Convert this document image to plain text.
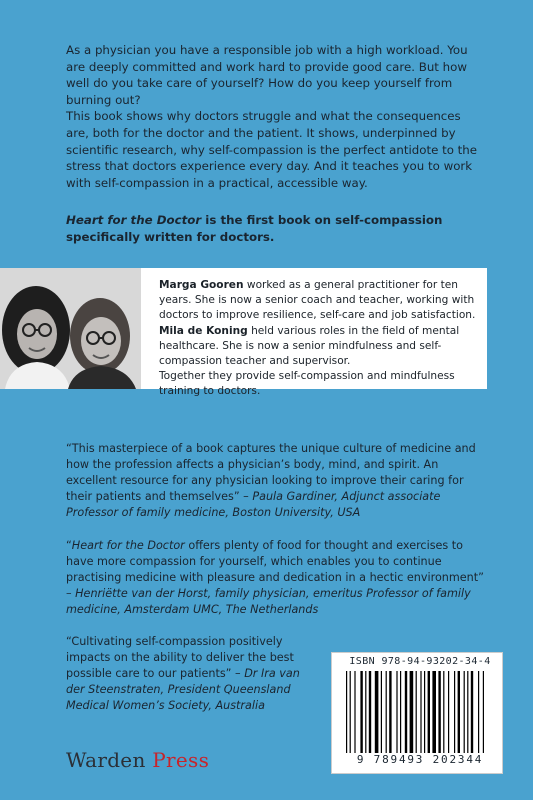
As a physician you have a responsible job with a high workload. You are deeply committed and work hard to provide good care. But how well do you take care of yourself? How do you keep yourself from burning out?

This book shows why doctors struggle and what the consequences are, both for the doctor and the patient. It shows, underpinned by scientific research, why self-compassion is the perfect antidote to the stress that doctors experience every day. And it teaches you to work with self-compassion in a practical, accessible way.

Heart for the Doctor is the first book on self-compassion specifically written for doctors.
Marga Gooren worked as a general practitioner for ten years. She is now a senior coach and teacher, working with doctors to improve resilience, self-care and job satisfaction.
Mila de Koning held various roles in the field of mental healthcare. She is now a senior mindfulness and self-compassion teacher and supervisor.
Together they provide self-compassion and mindfulness training to doctors.
“This masterpiece of a book captures the unique culture of medicine and how the profession affects a physician’s body, mind, and spirit. An excellent resource for any physician looking to improve their caring for their patients and themselves” – Paula Gardiner, Adjunct associate Professor of family medicine, Boston University, USA
“Heart for the Doctor offers plenty of food for thought and exercises to have more compassion for yourself, which enables you to continue practising medicine with pleasure and dedication in a hectic environment” – Henriëtte van der Horst, family physician, emeritus Professor of family medicine, Amsterdam UMC, The Netherlands
“Cultivating self-compassion positively impacts on the ability to deliver the best possible care to our patients” – Dr Ira van der Steenstraten, President Queensland Medical Women’s Society, Australia
Warden Press
ISBN 978-94-93202-34-4
9 789493 202344
